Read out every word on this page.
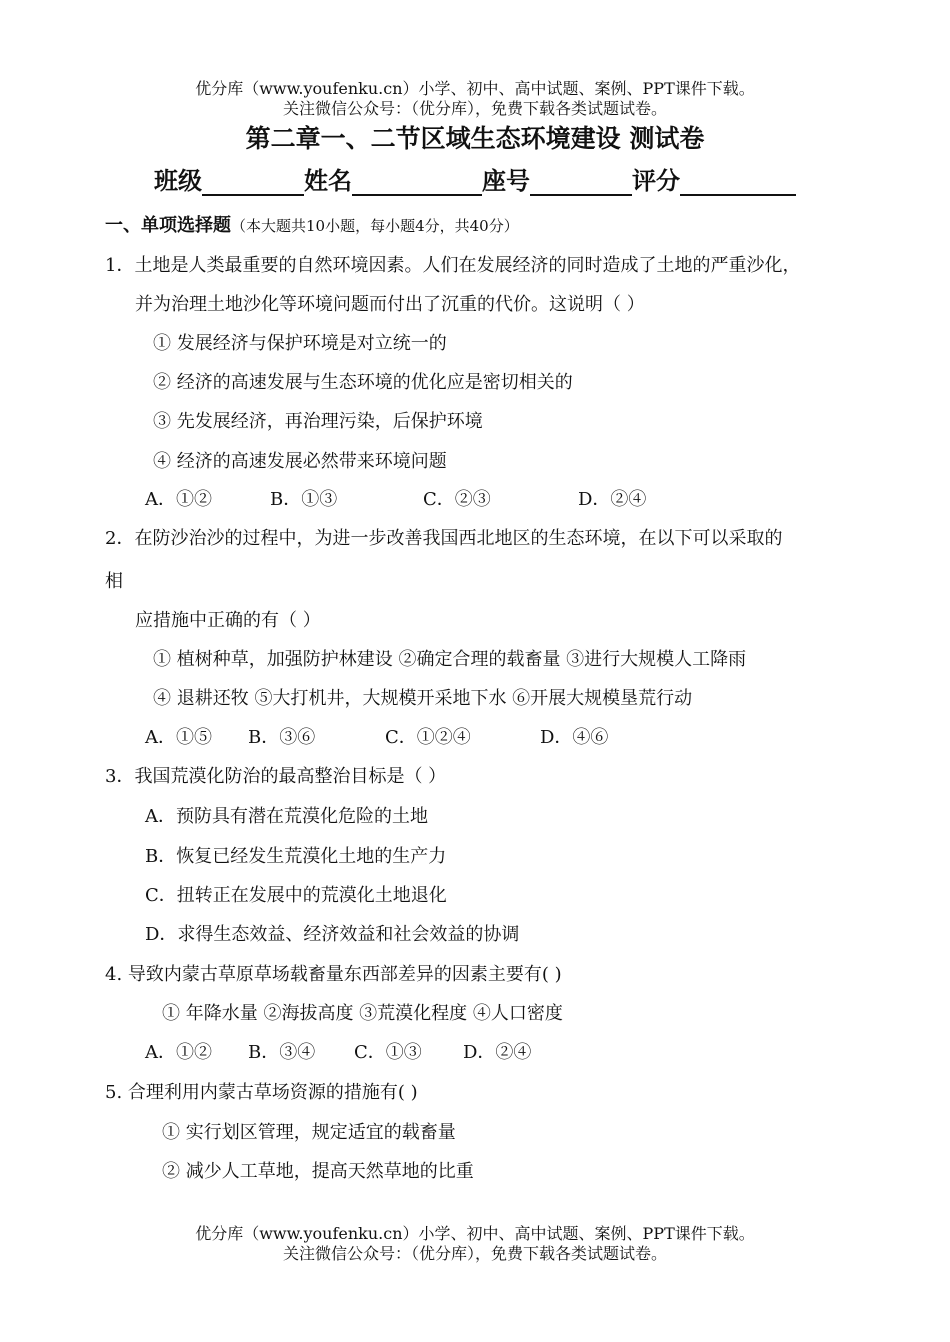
优分库（www.youfenku.cn）小学、初中、高中试题、案例、PPT课件下载。
关注微信公众号：（优分库），免费下载各类试题试卷。
第二章一、二节区域生态环境建设 测试卷
班级	姓名	座号	评分
一、单项选择题（本大题共10小题，每小题4分，共40分）
1．土地是人类最重要的自然环境因素。人们在发展经济的同时造成了土地的严重沙化，
并为治理土地沙化等环境问题而付出了沉重的代价。这说明（ ）
① 发展经济与保护环境是对立统一的
② 经济的高速发展与生态环境的优化应是密切相关的
③ 先发展经济，再治理污染，后保护环境
④ 经济的高速发展必然带来环境问题
A．①②	B．①③	C．②③	D．②④
2．在防沙治沙的过程中，为进一步改善我国西北地区的生态环境，在以下可以采取的
相
应措施中正确的有（ ）
① 植树种草，加强防护林建设 ②确定合理的载畜量 ③进行大规模人工降雨
④ 退耕还牧 ⑤大打机井，大规模开采地下水 ⑥开展大规模垦荒行动
A．①⑤ B．③⑥	C．①②④	D．④⑥
3．我国荒漠化防治的最高整治目标是（ ）
A．预防具有潜在荒漠化危险的土地
B．恢复已经发生荒漠化土地的生产力
C．扭转正在发展中的荒漠化土地退化
D．求得生态效益、经济效益和社会效益的协调
4. 导致内蒙古草原草场载畜量东西部差异的因素主要有( )
① 年降水量 ②海拔高度 ③荒漠化程度 ④人口密度
A．①② B．③④ C．①③ D．②④
5. 合理利用内蒙古草场资源的措施有( )
① 实行划区管理，规定适宜的载畜量
② 减少人工草地，提高天然草地的比重
优分库（www.youfenku.cn）小学、初中、高中试题、案例、PPT课件下载。
关注微信公众号：（优分库），免费下载各类试题试卷。
